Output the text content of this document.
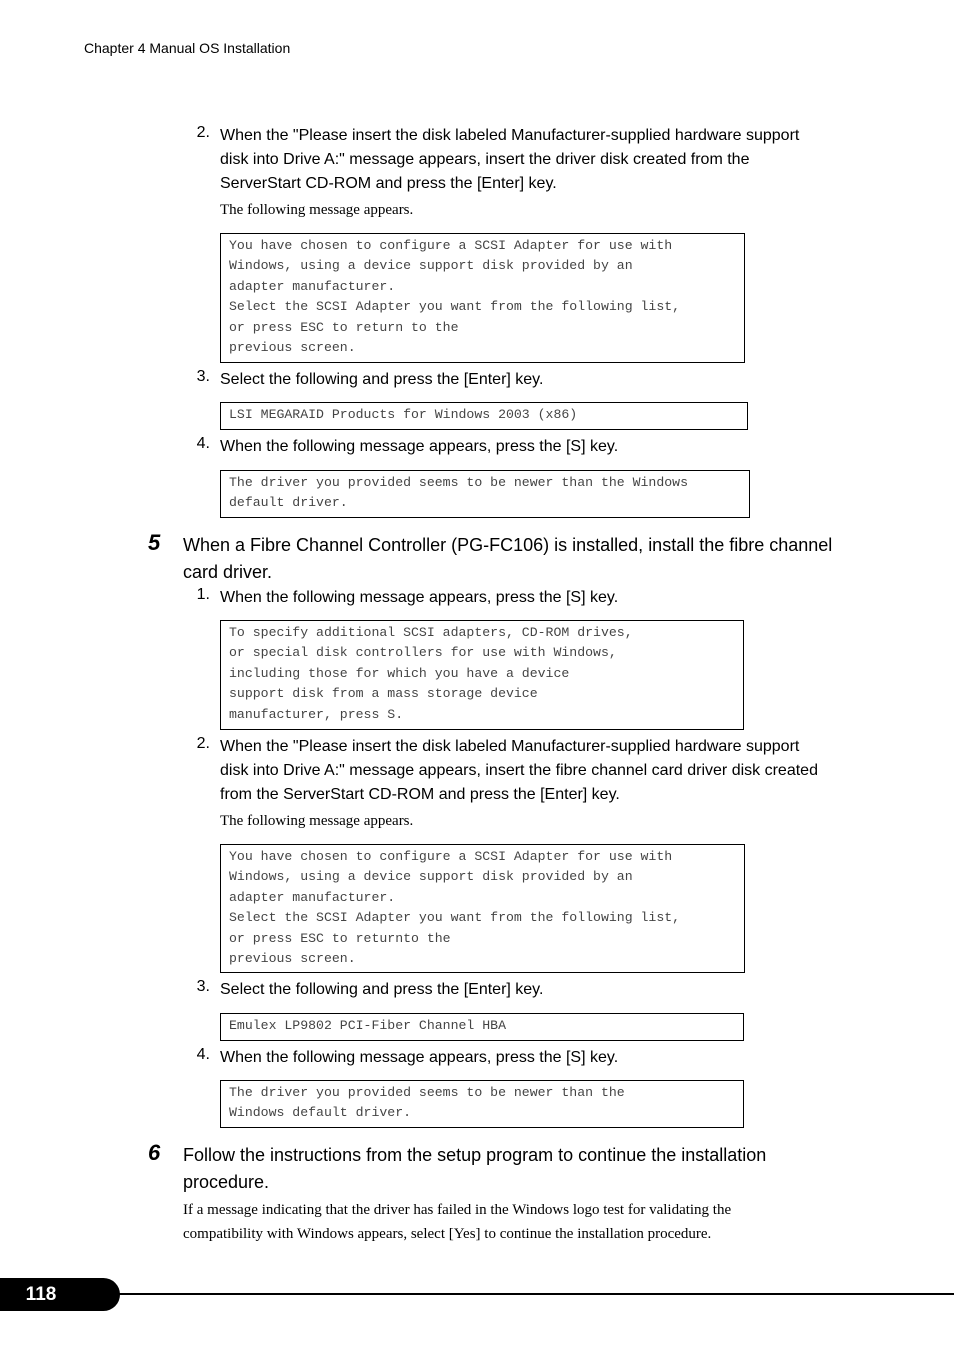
Chapter 4 Manual OS Installation
2. When the "Please insert the disk labeled Manufacturer-supplied hardware support disk into Drive A:" message appears, insert the driver disk created from the ServerStart CD-ROM and press the [Enter] key.
The following message appears.
You have chosen to configure a SCSI Adapter for use with
Windows, using a device support disk provided by an
adapter manufacturer.
Select the SCSI Adapter you want from the following list,
or press ESC to return to the
previous screen.
3. Select the following and press the [Enter] key.
LSI MEGARAID Products for Windows 2003 (x86)
4. When the following message appears, press the [S] key.
The driver you provided seems to be newer than the Windows
default driver.
5 When a Fibre Channel Controller (PG-FC106) is installed, install the fibre channel card driver.
1. When the following message appears, press the [S] key.
To specify additional SCSI adapters, CD-ROM drives,
or special disk controllers for use with Windows,
including those for which you have a device
support disk from a mass storage device
manufacturer, press S.
2. When the "Please insert the disk labeled Manufacturer-supplied hardware support disk into Drive A:" message appears, insert the fibre channel card driver disk created from the ServerStart CD-ROM and press the [Enter] key.
The following message appears.
You have chosen to configure a SCSI Adapter for use with
Windows, using a device support disk provided by an
adapter manufacturer.
Select the SCSI Adapter you want from the following list,
or press ESC to returnto the
previous screen.
3. Select the following and press the [Enter] key.
Emulex LP9802 PCI-Fiber Channel HBA
4. When the following message appears, press the [S] key.
The driver you provided seems to be newer than the
Windows default driver.
6 Follow the instructions from the setup program to continue the installation procedure.
If a message indicating that the driver has failed in the Windows logo test for validating the compatibility with Windows appears, select [Yes] to continue the installation procedure.
118
